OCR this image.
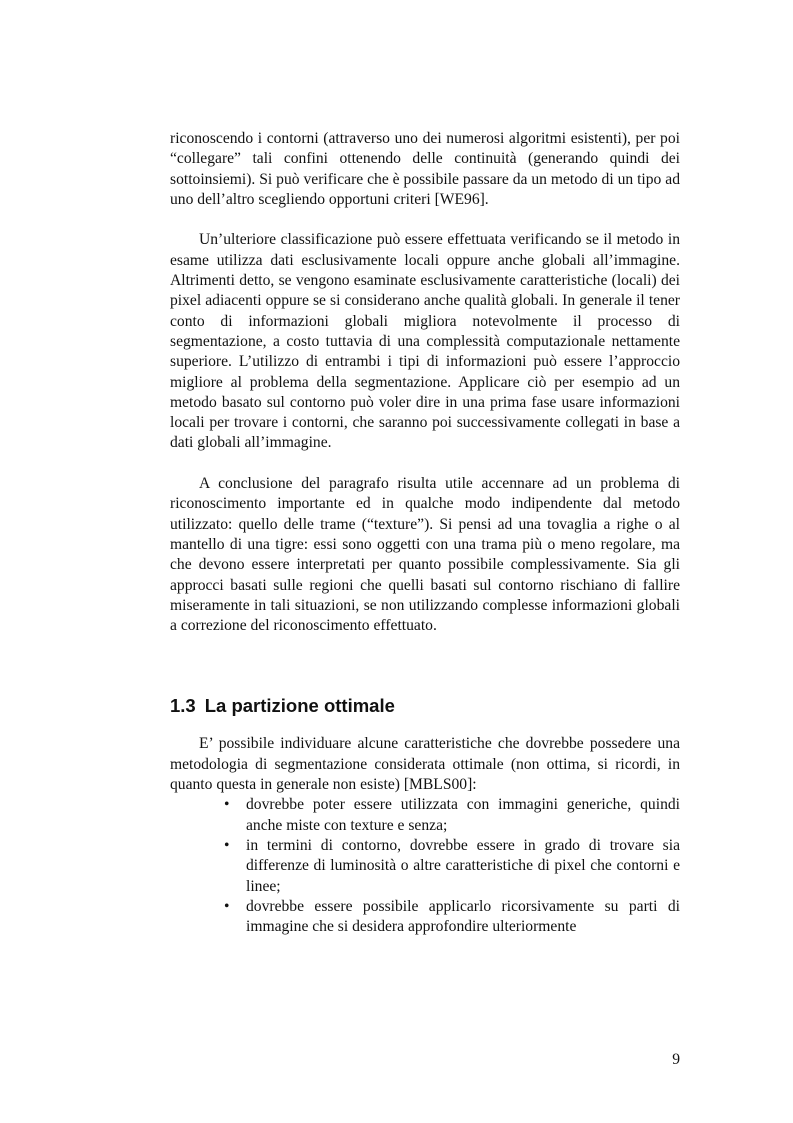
riconoscendo i contorni (attraverso uno dei numerosi algoritmi esistenti), per poi “collegare” tali confini ottenendo delle continuità (generando quindi dei sottoinsiemi). Si può verificare che è possibile passare da un metodo di un tipo ad uno dell’altro scegliendo opportuni criteri [WE96].

Un’ulteriore classificazione può essere effettuata verificando se il metodo in esame utilizza dati esclusivamente locali oppure anche globali all’immagine. Altrimenti detto, se vengono esaminate esclusivamente caratteristiche (locali) dei pixel adiacenti oppure se si considerano anche qualità globali. In generale il tener conto di informazioni globali migliora notevolmente il processo di segmentazione, a costo tuttavia di una complessità computazionale nettamente superiore. L’utilizzo di entrambi i tipi di informazioni può essere l’approccio migliore al problema della segmentazione. Applicare ciò per esempio ad un metodo basato sul contorno può voler dire in una prima fase usare informazioni locali per trovare i contorni, che saranno poi successivamente collegati in base a dati globali all’immagine.

A conclusione del paragrafo risulta utile accennare ad un problema di riconoscimento importante ed in qualche modo indipendente dal metodo utilizzato: quello delle trame (“texture”). Si pensi ad una tovaglia a righe o al mantello di una tigre: essi sono oggetti con una trama più o meno regolare, ma che devono essere interpretati per quanto possibile complessivamente. Sia gli approcci basati sulle regioni che quelli basati sul contorno rischiano di fallire miseramente in tali situazioni, se non utilizzando complesse informazioni globali a correzione del riconoscimento effettuato.

1.3 La partizione ottimale

E’ possibile individuare alcune caratteristiche che dovrebbe possedere una metodologia di segmentazione considerata ottimale (non ottima, si ricordi, in quanto questa in generale non esiste) [MBLS00]:

• dovrebbe poter essere utilizzata con immagini generiche, quindi anche miste con texture e senza;
• in termini di contorno, dovrebbe essere in grado di trovare sia differenze di luminosità o altre caratteristiche di pixel che contorni e linee;
• dovrebbe essere possibile applicarlo ricorsivamente su parti di immagine che si desidera approfondire ulteriormente
9
